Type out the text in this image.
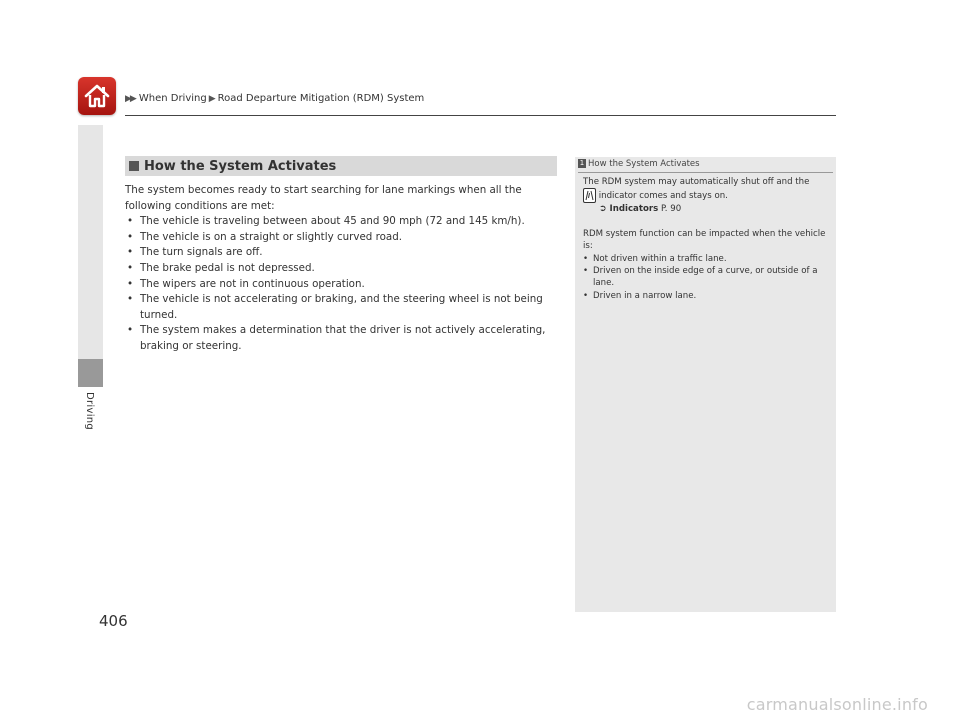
▶▶ When Driving ▶ Road Departure Mitigation (RDM) System
Driving
How the System Activates

The system becomes ready to start searching for lane markings when all the following conditions are met:

• The vehicle is traveling between about 45 and 90 mph (72 and 145 km/h).
• The vehicle is on a straight or slightly curved road.
• The turn signals are off.
• The brake pedal is not depressed.
• The wipers are not in continuous operation.
• The vehicle is not accelerating or braking, and the steering wheel is not being turned.
• The system makes a determination that the driver is not actively accelerating, braking or steering.
1 How the System Activates

The RDM system may automatically shut off and the

indicator comes and stays on.

➲ Indicators P. 90

RDM system function can be impacted when the vehicle is:

• Not driven within a traffic lane.
• Driven on the inside edge of a curve, or outside of a lane.
• Driven in a narrow lane.
406
carmanualsonline.info
